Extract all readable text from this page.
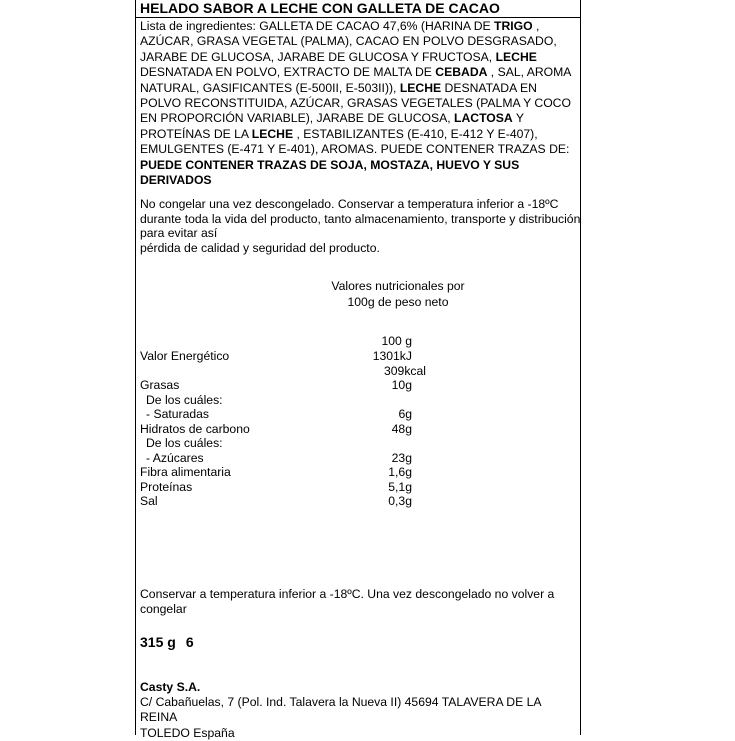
HELADO SABOR A LECHE CON GALLETA DE CACAO
Lista de ingredientes: GALLETA DE CACAO 47,6% (HARINA DE TRIGO , AZÚCAR, GRASA VEGETAL (PALMA), CACAO EN POLVO DESGRASADO, JARABE DE GLUCOSA, JARABE DE GLUCOSA Y FRUCTOSA, LECHE DESNATADA EN POLVO, EXTRACTO DE MALTA DE CEBADA , SAL, AROMA NATURAL, GASIFICANTES (E-500II, E-503II)), LECHE DESNATADA EN POLVO RECONSTITUIDA, AZÚCAR, GRASAS VEGETALES (PALMA Y COCO EN PROPORCIÓN VARIABLE), JARABE DE GLUCOSA, LACTOSA Y PROTEÍNAS DE LA LECHE , ESTABILIZANTES (E-410, E-412 Y E-407), EMULGENTES (E-471 Y E-401), AROMAS. PUEDE CONTENER TRAZAS DE: PUEDE CONTENER TRAZAS DE SOJA, MOSTAZA, HUEVO Y SUS DERIVADOS
No congelar una vez descongelado. Conservar a temperatura inferior a -18ºC
durante toda la vida del producto, tanto almacenamiento, transporte y distribución
para evitar así
pérdida de calidad y seguridad del producto.
Valores nutricionales por
100g de peso neto
100 g
Valor Energético	1301kJ
309kcal
Grasas	10g
De los cuáles:
- Saturadas	6g
Hidratos de carbono	48g
De los cuáles:
- Azúcares	23g
Fibra alimentaria	1,6g
Proteínas	5,1g
Sal	0,3g
Conservar a temperatura inferior a -18ºC. Una vez descongelado no volver a
congelar
315 g 6
Casty S.A.
C/ Cabañuelas, 7 (Pol. Ind. Talavera la Nueva II) 45694 TALAVERA DE LA REINA
TOLEDO España
